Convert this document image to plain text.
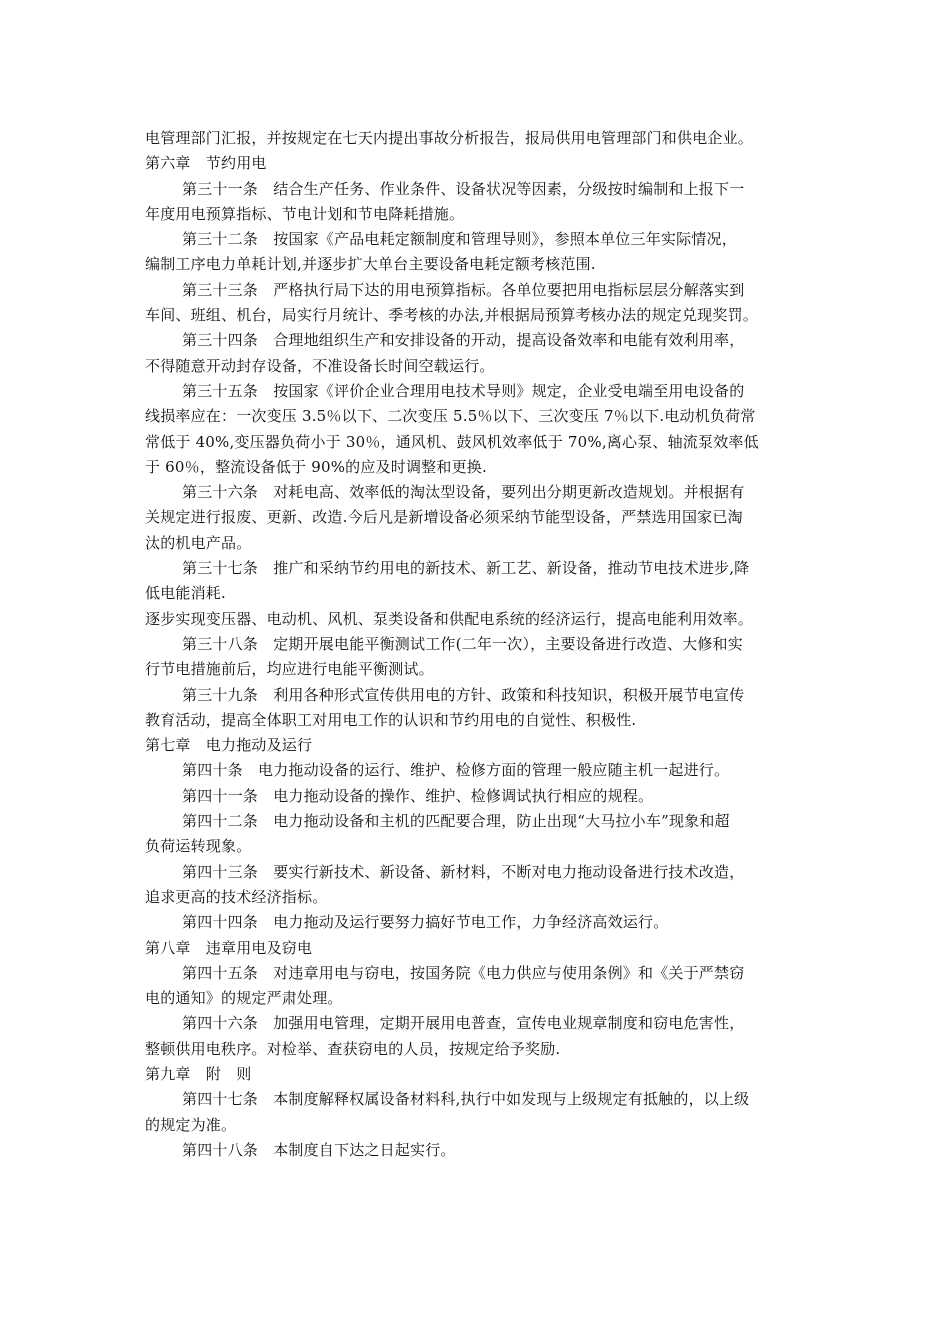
电管理部门汇报，并按规定在七天内提出事故分析报告，报局供用电管理部门和供电企业。
第六章　节约用电
第三十一条　结合生产任务、作业条件、设备状况等因素，分级按时编制和上报下一
年度用电预算指标、节电计划和节电降耗措施。
第三十二条　按国家《产品电耗定额制度和管理导则》，参照本单位三年实际情况，
编制工序电力单耗计划,并逐步扩大单台主要设备电耗定额考核范围.
第三十三条　严格执行局下达的用电预算指标。各单位要把用电指标层层分解落实到
车间、班组、机台，局实行月统计、季考核的办法,并根据局预算考核办法的规定兑现奖罚。
第三十四条　合理地组织生产和安排设备的开动，提高设备效率和电能有效利用率，
不得随意开动封存设备，不准设备长时间空载运行。
第三十五条　按国家《评价企业合理用电技术导则》规定，企业受电端至用电设备的
线损率应在：一次变压 3.5％以下、二次变压 5.5％以下、三次变压 7％以下.电动机负荷常
常低于 40%,变压器负荷小于 30％，通风机、鼓风机效率低于 70%,离心泵、轴流泵效率低
于 60％，整流设备低于 90%的应及时调整和更换.
第三十六条　对耗电高、效率低的淘汰型设备，要列出分期更新改造规划。并根据有
关规定进行报废、更新、改造.今后凡是新增设备必须采纳节能型设备，严禁选用国家已淘
汰的机电产品。
第三十七条　推广和采纳节约用电的新技术、新工艺、新设备，推动节电技术进步,降
低电能消耗.
逐步实现变压器、电动机、风机、泵类设备和供配电系统的经济运行，提高电能利用效率。
第三十八条　定期开展电能平衡测试工作(二年一次），主要设备进行改造、大修和实
行节电措施前后，均应进行电能平衡测试。
第三十九条　利用各种形式宣传供用电的方针、政策和科技知识，积极开展节电宣传
教育活动，提高全体职工对用电工作的认识和节约用电的自觉性、积极性.
第七章　电力拖动及运行
第四十条　电力拖动设备的运行、维护、检修方面的管理一般应随主机一起进行。
第四十一条　电力拖动设备的操作、维护、检修调试执行相应的规程。
第四十二条　电力拖动设备和主机的匹配要合理，防止出现“大马拉小车”现象和超
负荷运转现象。
第四十三条　要实行新技术、新设备、新材料，不断对电力拖动设备进行技术改造，
追求更高的技术经济指标。
第四十四条　电力拖动及运行要努力搞好节电工作，力争经济高效运行。
第八章　违章用电及窃电
第四十五条　对违章用电与窃电，按国务院《电力供应与使用条例》和《关于严禁窃
电的通知》的规定严肃处理。
第四十六条　加强用电管理，定期开展用电普查，宣传电业规章制度和窃电危害性，
整顿供用电秩序。对检举、查获窃电的人员，按规定给予奖励.
第九章　附　则
第四十七条　本制度解释权属设备材料科,执行中如发现与上级规定有抵触的，以上级
的规定为准。
第四十八条　本制度自下达之日起实行。
